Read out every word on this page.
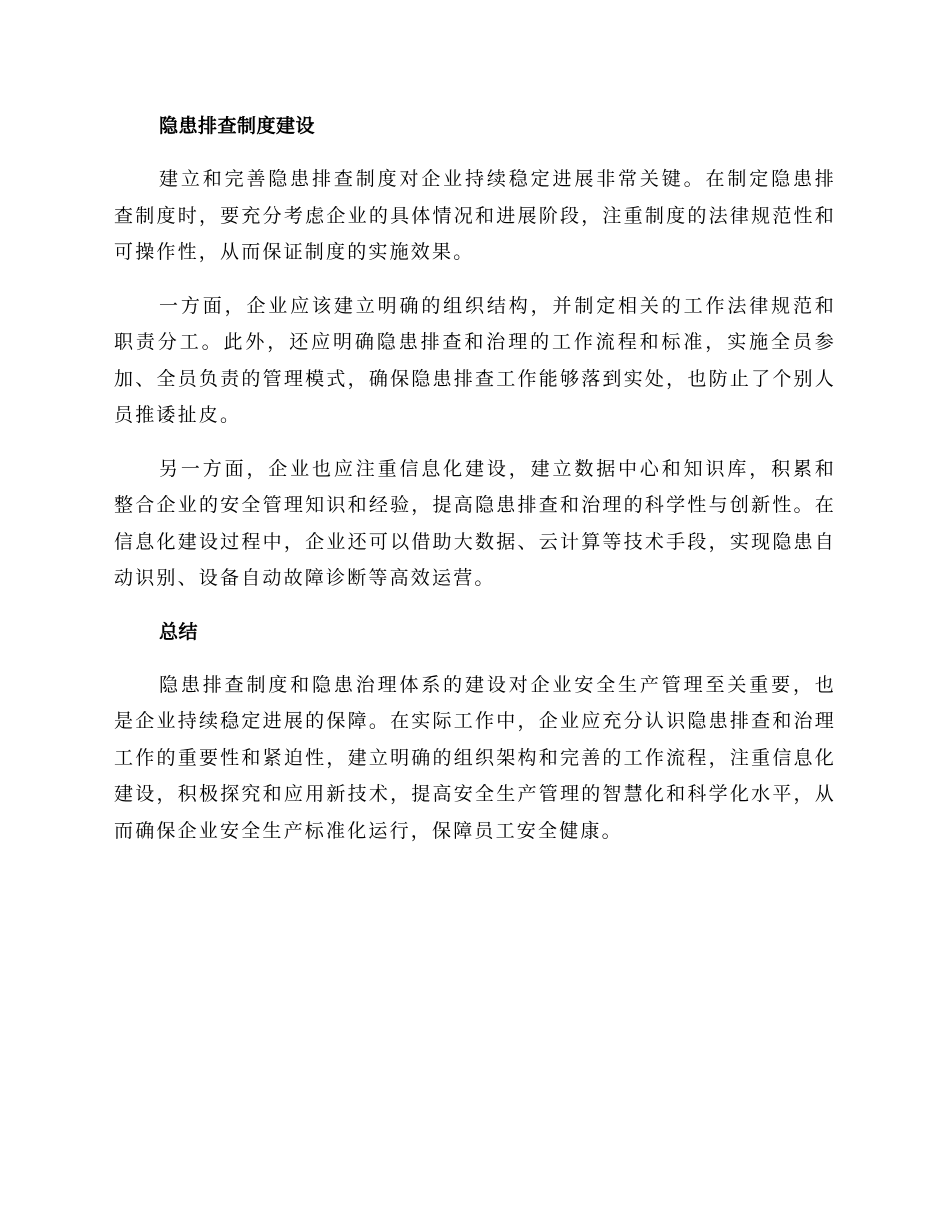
隐患排查制度建设

建立和完善隐患排查制度对企业持续稳定进展非常关键。在制定隐患排查制度时，要充分考虑企业的具体情况和进展阶段，注重制度的法律规范性和可操作性，从而保证制度的实施效果。

一方面，企业应该建立明确的组织结构，并制定相关的工作法律规范和职责分工。此外，还应明确隐患排查和治理的工作流程和标准，实施全员参加、全员负责的管理模式，确保隐患排查工作能够落到实处，也防止了个别人员推诿扯皮。

另一方面，企业也应注重信息化建设，建立数据中心和知识库，积累和整合企业的安全管理知识和经验，提高隐患排查和治理的科学性与创新性。在信息化建设过程中，企业还可以借助大数据、云计算等技术手段，实现隐患自动识别、设备自动故障诊断等高效运营。

总结

隐患排查制度和隐患治理体系的建设对企业安全生产管理至关重要，也是企业持续稳定进展的保障。在实际工作中，企业应充分认识隐患排查和治理工作的重要性和紧迫性，建立明确的组织架构和完善的工作流程，注重信息化建设，积极探究和应用新技术，提高安全生产管理的智慧化和科学化水平，从而确保企业安全生产标准化运行，保障员工安全健康。
